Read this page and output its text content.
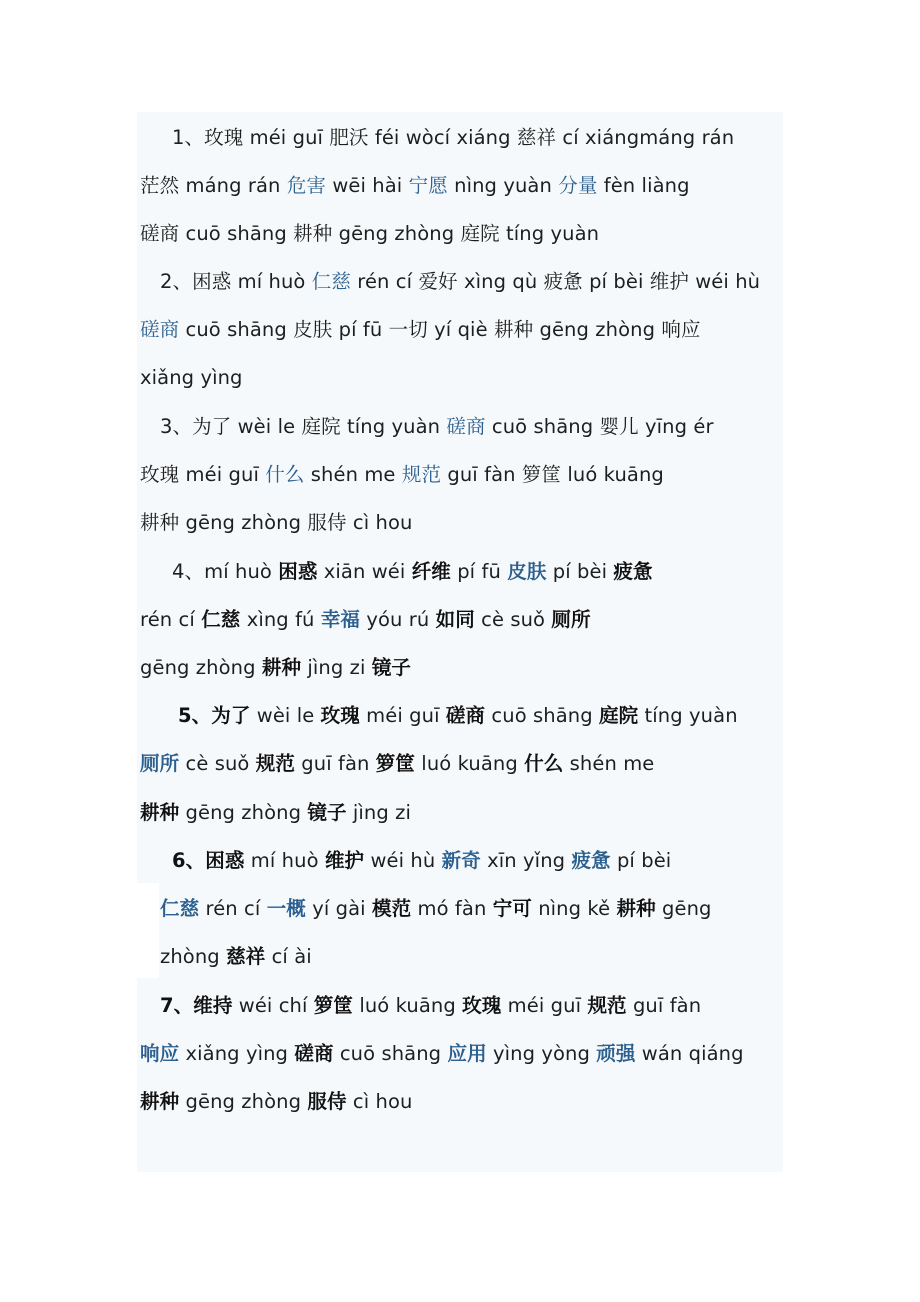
1、玫瑰 méi guī 肥沃 féi wòcí xiáng 慈祥 cí xiángmáng rán
茫然 máng rán 危害 wēi hài 宁愿 nìng yuàn 分量 fèn liàng
磋商 cuō shāng 耕种 gēng zhòng 庭院 tíng yuàn
2、困惑 mí huò 仁慈 rén cí 爱好 xìng qù 疲惫 pí bèi 维护 wéi hù
磋商 cuō shāng 皮肤 pí fū 一切 yí qiè 耕种 gēng zhòng 响应
xiǎng yìng
3、为了 wèi le 庭院 tíng yuàn 磋商 cuō shāng 婴儿 yīng ér
玫瑰 méi guī 什么 shén me 规范 guī fàn 箩筐 luó kuāng
耕种 gēng zhòng 服侍 cì hou
4、mí huò 困惑 xiān wéi 纤维 pí fū 皮肤 pí bèi 疲惫
rén cí 仁慈 xìng fú 幸福 yóu rú 如同 cè suǒ 厕所
gēng zhòng 耕种 jìng zi 镜子
5、为了 wèi le 玫瑰 méi guī 磋商 cuō shāng 庭院 tíng yuàn
厕所 cè suǒ 规范 guī fàn 箩筐 luó kuāng 什么 shén me
耕种 gēng zhòng 镜子 jìng zi
6、困惑 mí huò 维护 wéi hù 新奇 xīn yǐng 疲惫 pí bèi
仁慈 rén cí 一概 yí gài 模范 mó fàn 宁可 nìng kě 耕种 gēng
zhòng 慈祥 cí ài
7、维持 wéi chí 箩筐 luó kuāng 玫瑰 méi guī 规范 guī fàn
响应 xiǎng yìng 磋商 cuō shāng 应用 yìng yòng 顽强 wán qiáng
耕种 gēng zhòng 服侍 cì hou
